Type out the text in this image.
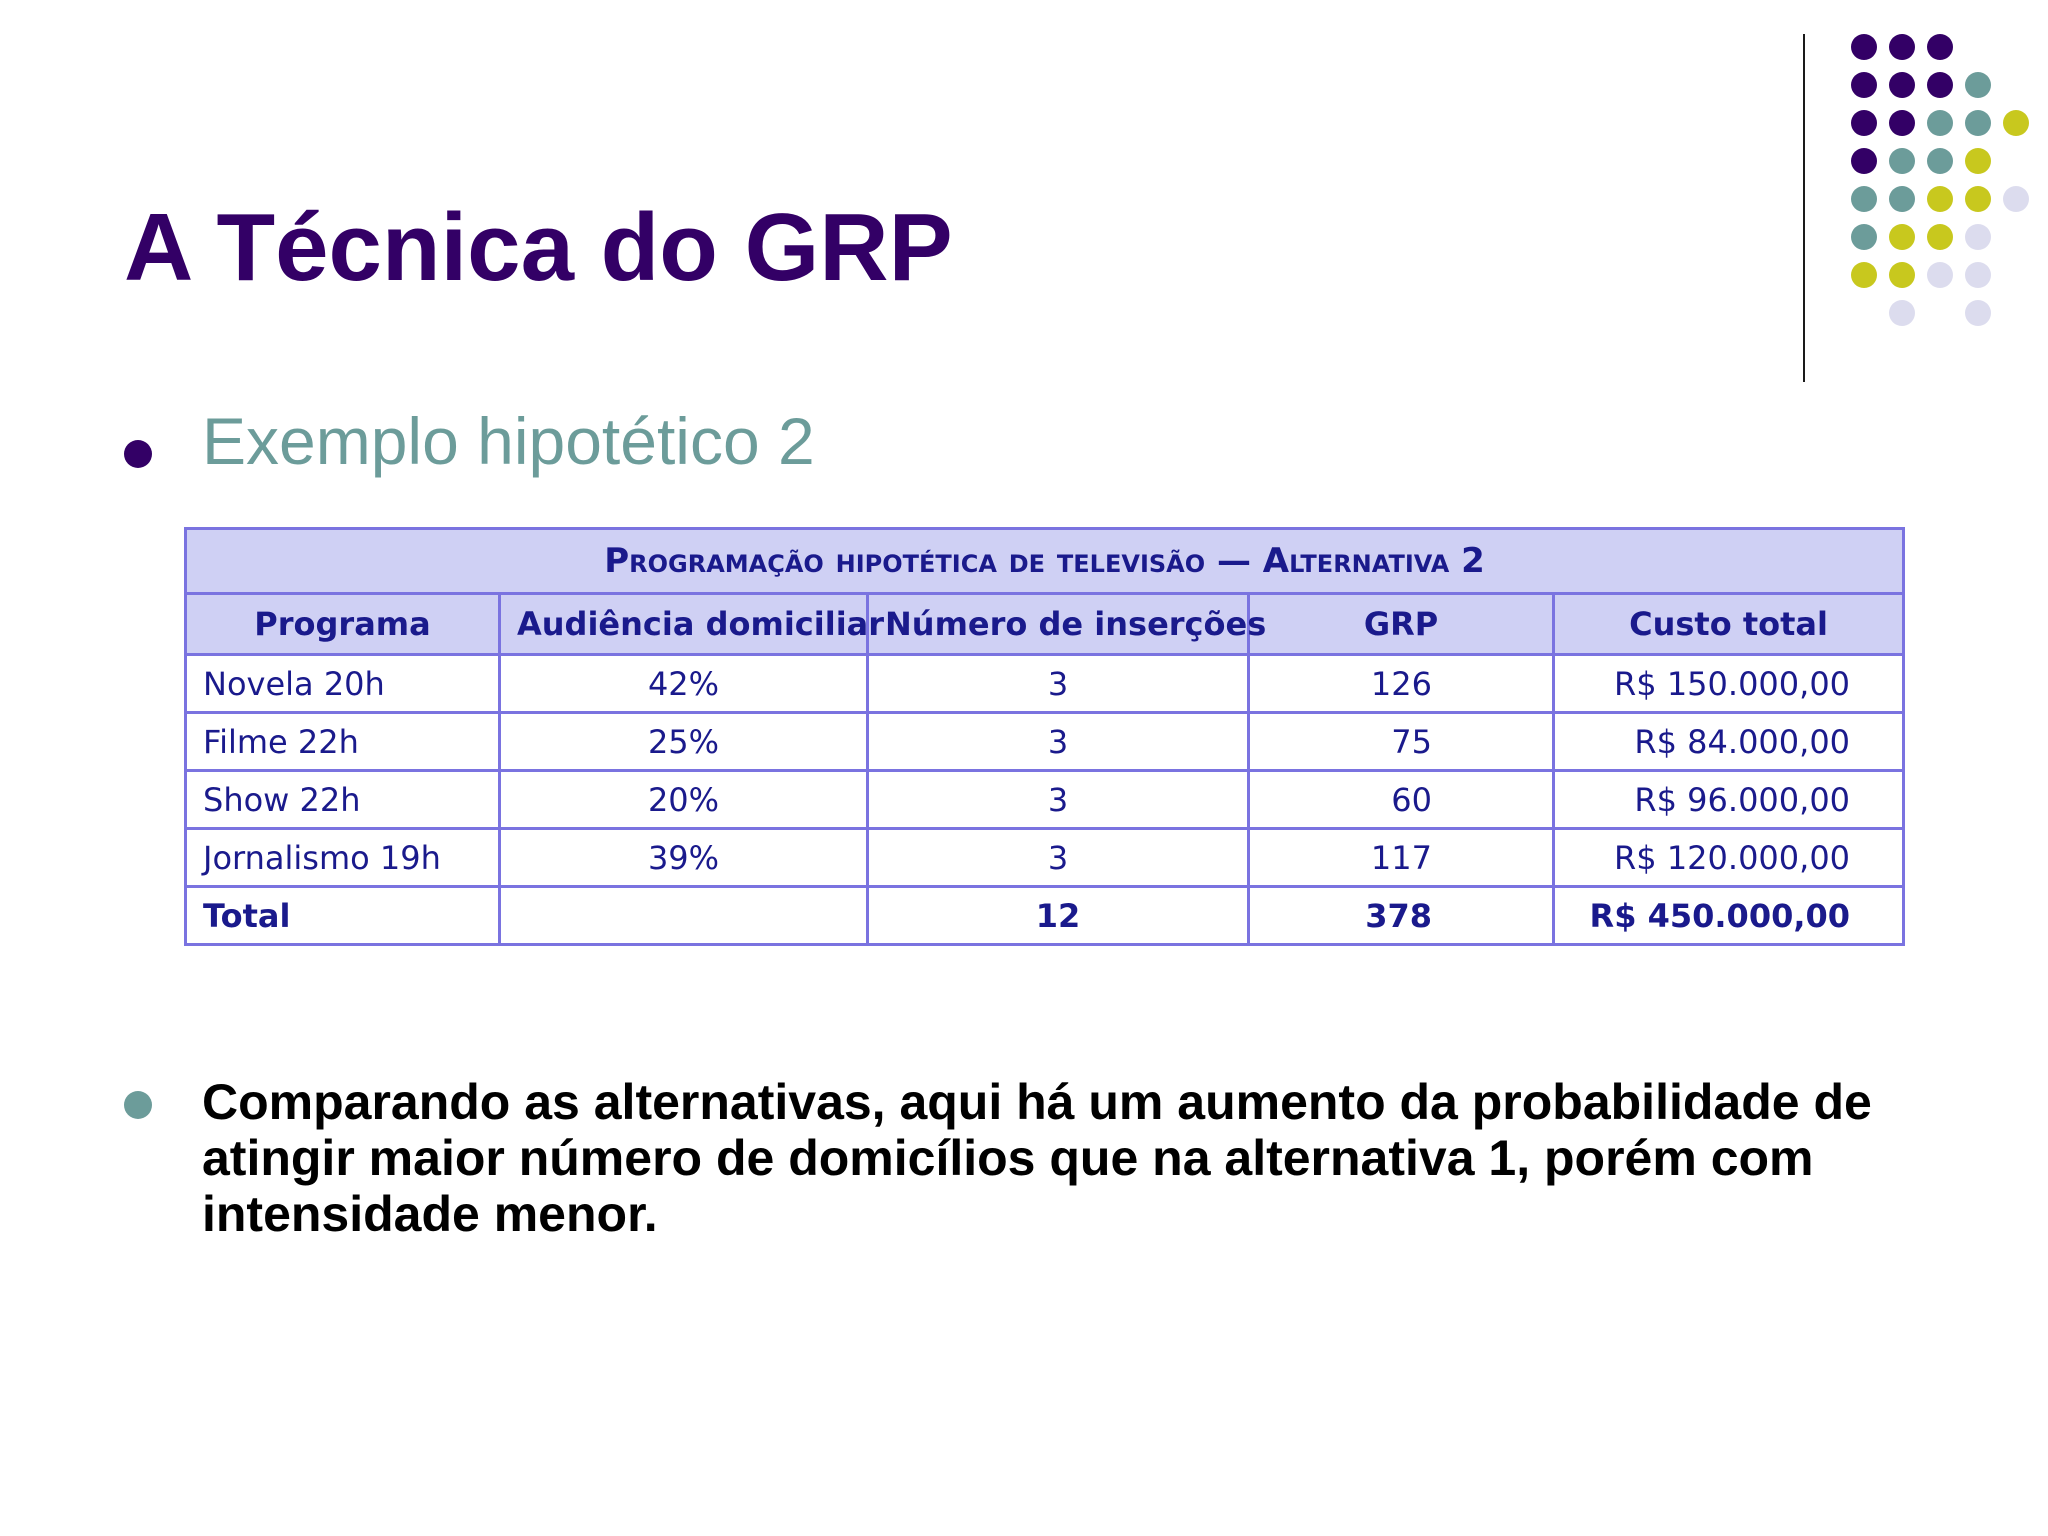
A Técnica do GRP
Exemplo hipotético 2
Programação hipotética de televisão — Alternativa 2				
Programa	Audiência domiciliar	Número de inserções	GRP	Custo total
Novela 20h	42%	3	126	R$ 150.000,00
Filme 22h	25%	3	75	R$ 84.000,00
Show 22h	20%	3	60	R$ 96.000,00
Jornalismo 19h	39%	3	117	R$ 120.000,00
Total		12	378	R$ 450.000,00
Comparando as alternativas, aqui há um aumento da probabilidade de atingir maior número de domicílios que na alternativa 1, porém com intensidade menor.
